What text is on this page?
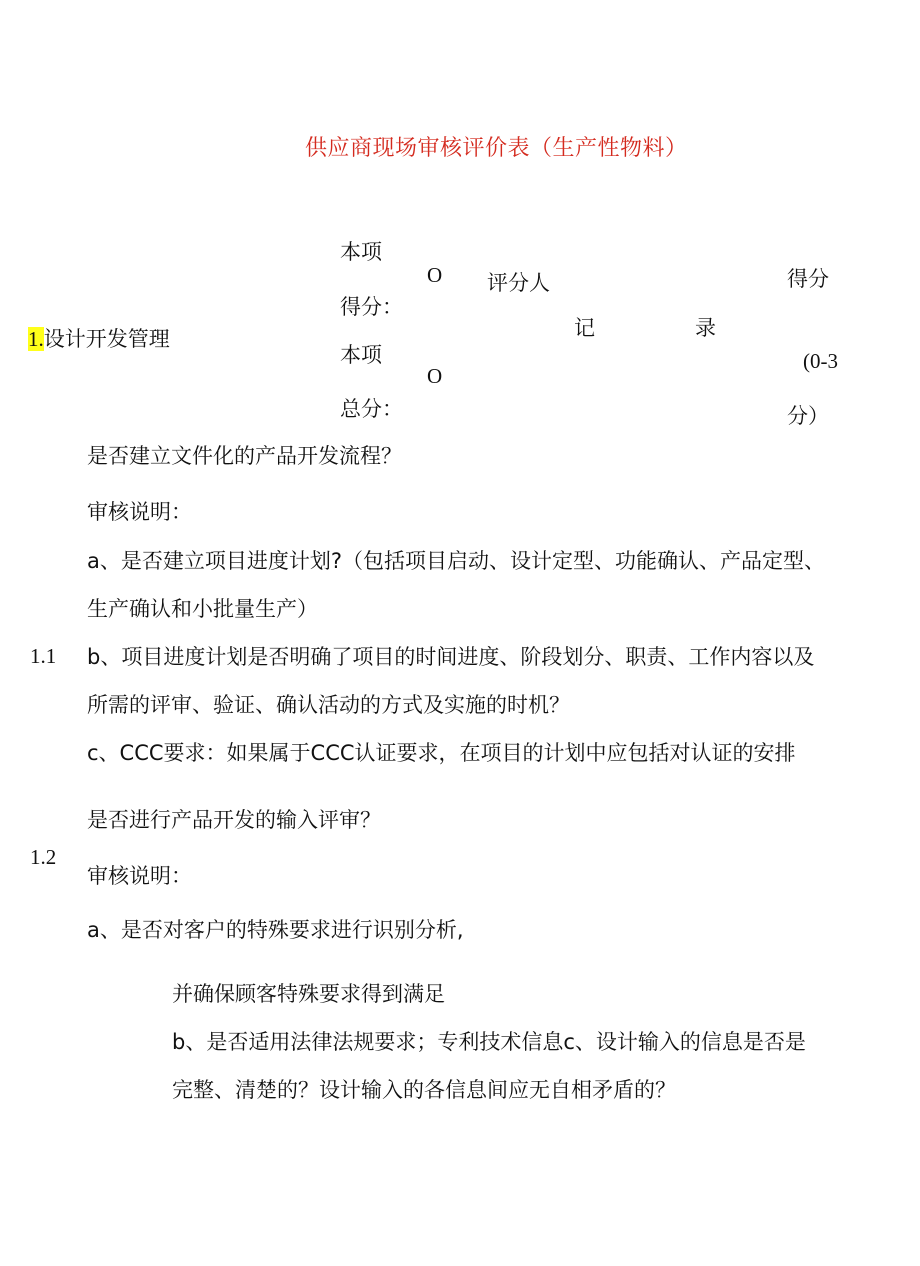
供应商现场审核评价表（生产性物料）
1.设计开发管理
本项
得分：
O
本项
总分：
O
评分人
记	录
得分
(0-3
分）
1.1
是否建立文件化的产品开发流程？
审核说明：
a、是否建立项目进度计划?（包括项目启动、设计定型、功能确认、产品定型、
生产确认和小批量生产）
b、项目进度计划是否明确了项目的时间进度、阶段划分、职责、工作内容以及
所需的评审、验证、确认活动的方式及实施的时机？
c、CCC要求：如果属于CCC认证要求，在项目的计划中应包括对认证的安排
1.2
是否进行产品开发的输入评审？
审核说明：
a、是否对客户的特殊要求进行识别分析,
并确保顾客特殊要求得到满足
b、是否适用法律法规要求；专利技术信息c、设计输入的信息是否是
完整、清楚的？设计输入的各信息间应无自相矛盾的？
